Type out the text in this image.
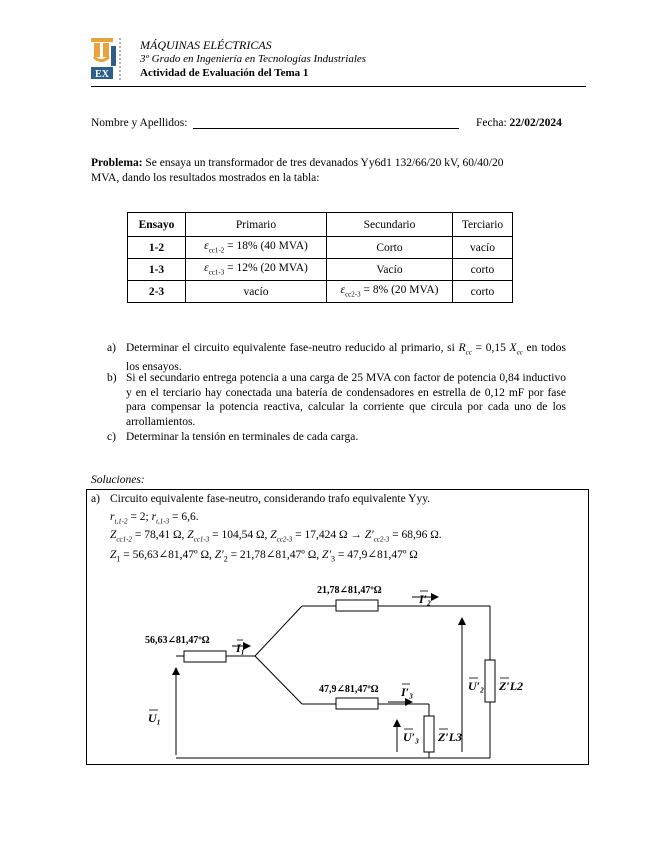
EX
MÁQUINAS ELÉCTRICAS
3º Grado en Ingeniería en Tecnologías Industriales
Actividad de Evaluación del Tema 1
Nombre y Apellidos:	Fecha: 22/02/2024
Problema: Se ensaya un transformador de tres devanados Yy6d1 132/66/20 kV, 60/40/20
MVA, dando los resultados mostrados en la tabla:
Ensayo	Primario	Secundario	Terciario
1-2	$\varepsilon_{cc1-2} = 18\%$ (40 MVA)	Corto	vacío
1-3	$\varepsilon_{cc1-3} = 12\%$ (20 MVA)	Vacío	corto
2-3	vacío	$\varepsilon_{cc2-3} = 8\%$ (20 MVA)	corto
a) Determinar el circuito equivalente fase-neutro reducido al primario, si $R_{cc} = 0,15$ $X_{cc}$ en todos los ensayos.
b) Si el secundario entrega potencia a una carga de 25 MVA con factor de potencia 0,84 inductivo y en el terciario hay conectada una batería de condensadores en estrella de 0,12 mF por fase para compensar la potencia reactiva, calcular la corriente que circula por cada uno de los arrollamientos.
c) Determinar la tensión en terminales de cada carga.
Soluciones:
a) Circuito equivalente fase-neutro, considerando trafo equivalente Yyy.
$r_{t,1-2} = 2$; $r_{t,1-3} = 6,6$.
$Z_{cc1-2} = 78,41$ Ω, $Z_{cc1-3} = 104,54$ Ω, $Z_{cc2-3} = 17,424$ $\Omega \to Z'_{cc2-3} = 68,96$ Ω.
$Z_1$ = 56,63∠81,47º Ω, $Z'_2$ = 21,78∠81,47º Ω, $Z'_3$ = 47,9∠81,47º Ω
56,63∠81,47ºΩ
21,78∠81,47ºΩ
47,9∠81,47ºΩ
I₁
I′₂
I′₃
U₁
U′₂
U′₃
Z′L2
Z′L3
